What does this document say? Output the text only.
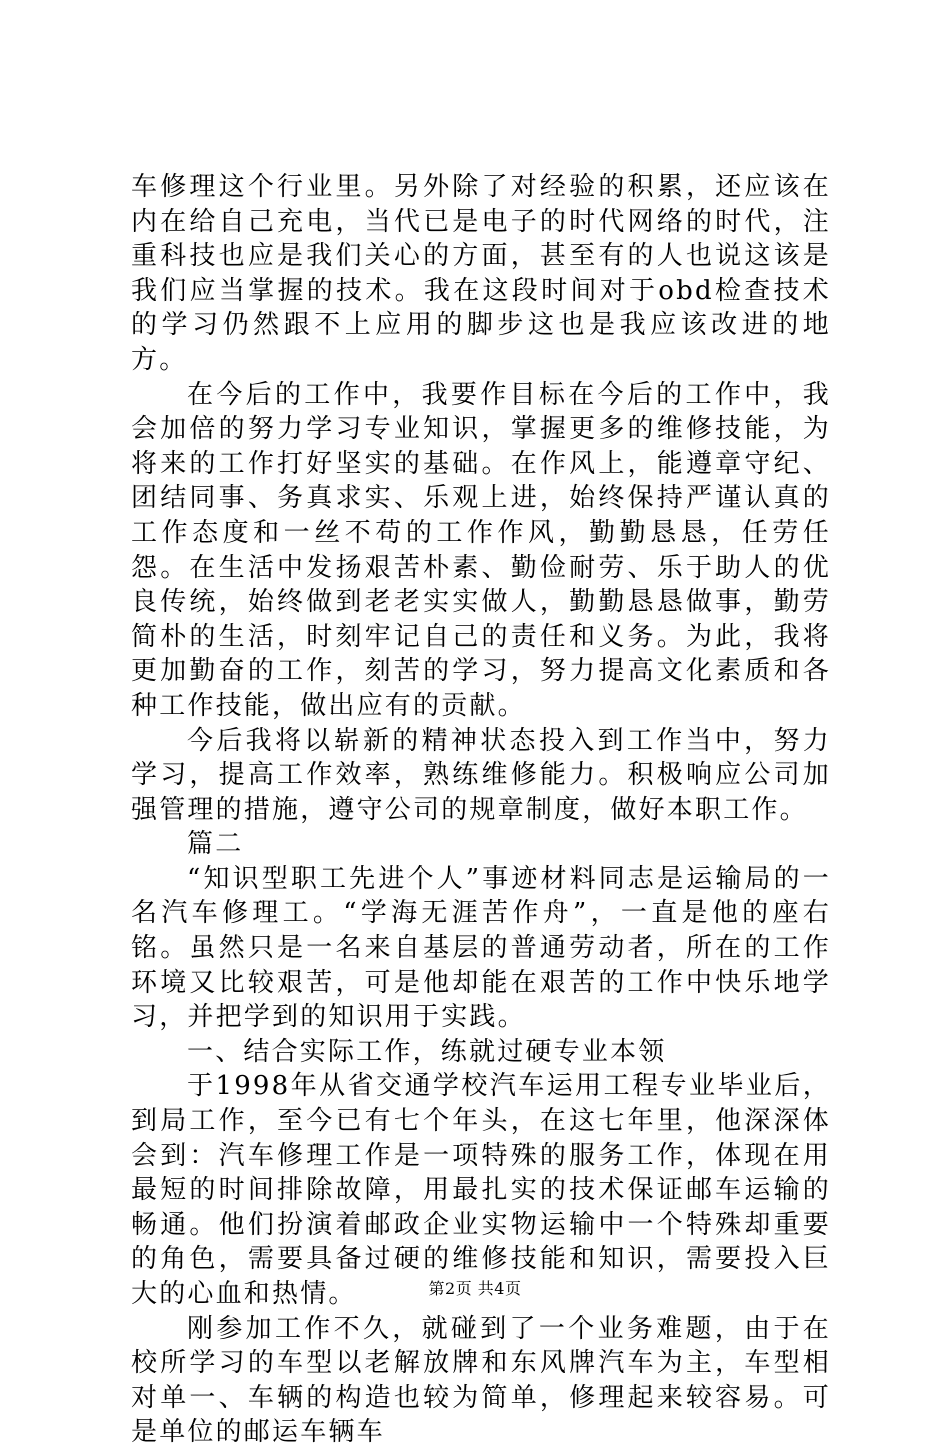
车修理这个行业里。另外除了对经验的积累，还应该在内在给自己充电，当代已是电子的时代网络的时代，注重科技也应是我们关心的方面，甚至有的人也说这该是我们应当掌握的技术。我在这段时间对于obd检查技术的学习仍然跟不上应用的脚步这也是我应该改进的地方。

在今后的工作中，我要作目标在今后的工作中，我会加倍的努力学习专业知识，掌握更多的维修技能，为将来的工作打好坚实的基础。在作风上，能遵章守纪、团结同事、务真求实、乐观上进，始终保持严谨认真的工作态度和一丝不苟的工作作风，勤勤恳恳，任劳任怨。在生活中发扬艰苦朴素、勤俭耐劳、乐于助人的优良传统，始终做到老老实实做人，勤勤恳恳做事，勤劳简朴的生活，时刻牢记自己的责任和义务。为此，我将更加勤奋的工作，刻苦的学习，努力提高文化素质和各种工作技能，做出应有的贡献。

今后我将以崭新的精神状态投入到工作当中，努力学习，提高工作效率，熟练维修能力。积极响应公司加强管理的措施，遵守公司的规章制度，做好本职工作。

篇二

“知识型职工先进个人”事迹材料同志是运输局的一名汽车修理工。“学海无涯苦作舟”，一直是他的座右铭。虽然只是一名来自基层的普通劳动者，所在的工作环境又比较艰苦，可是他却能在艰苦的工作中快乐地学习，并把学到的知识用于实践。

一、结合实际工作，练就过硬专业本领

于1998年从省交通学校汽车运用工程专业毕业后，到局工作，至今已有七个年头，在这七年里，他深深体会到：汽车修理工作是一项特殊的服务工作，体现在用最短的时间排除故障，用最扎实的技术保证邮车运输的畅通。他们扮演着邮政企业实物运输中一个特殊却重要的角色，需要具备过硬的维修技能和知识，需要投入巨大的心血和热情。

刚参加工作不久，就碰到了一个业务难题，由于在校所学习的车型以老解放牌和东风牌汽车为主，车型相对单一、车辆的构造也较为简单，修理起来较容易。可是单位的邮运车辆车

第2页 共4页
